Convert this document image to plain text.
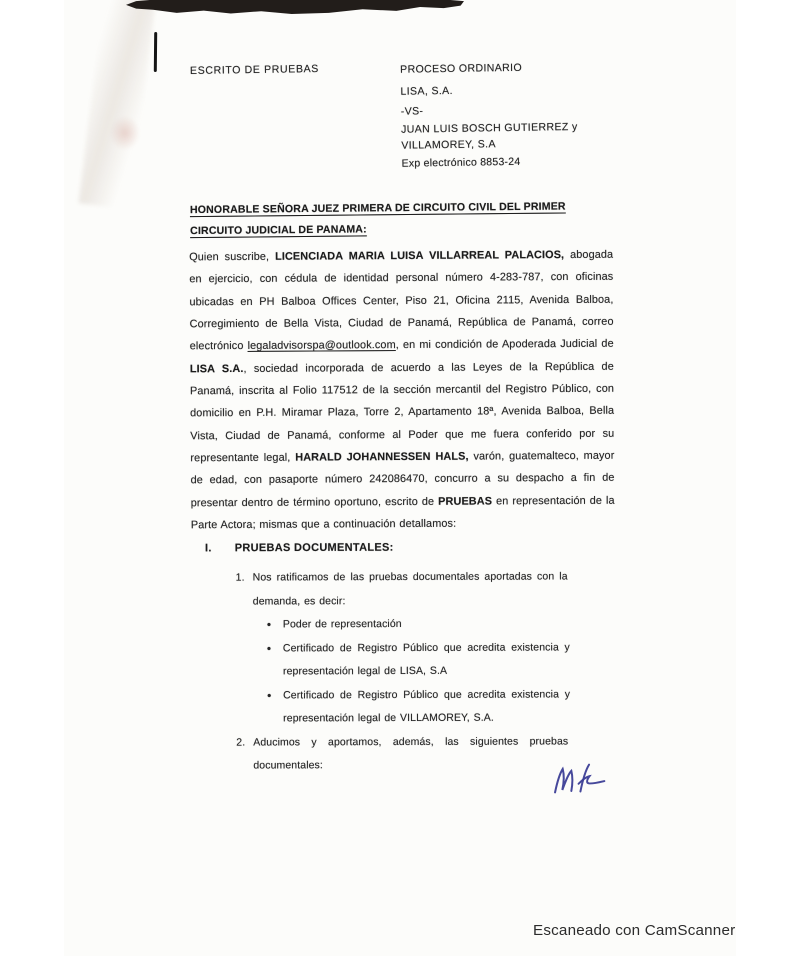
ESCRITO DE PRUEBAS	PROCESO ORDINARIO
LISA, S.A.
-VS-
JUAN LUIS BOSCH GUTIERREZ y
VILLAMOREY, S.A
Exp electrónico 8853-24
HONORABLE SEÑORA JUEZ PRIMERA DE CIRCUITO CIVIL DEL PRIMER
CIRCUITO JUDICIAL DE PANAMA:

Quien suscribe, LICENCIADA MARIA LUISA VILLARREAL PALACIOS, abogada en ejercicio, con cédula de identidad personal número 4-283-787, con oficinas ubicadas en PH Balboa Offices Center, Piso 21, Oficina 2115, Avenida Balboa, Corregimiento de Bella Vista, Ciudad de Panamá, República de Panamá, correo electrónico legaladvisorspa@outlook.com, en mi condición de Apoderada Judicial de LISA S.A., sociedad incorporada de acuerdo a las Leyes de la República de Panamá, inscrita al Folio 117512 de la sección mercantil del Registro Público, con domicilio en P.H. Miramar Plaza, Torre 2, Apartamento 18ª, Avenida Balboa, Bella Vista, Ciudad de Panamá, conforme al Poder que me fuera conferido por su representante legal, HARALD JOHANNESSEN HALS, varón, guatemalteco, mayor de edad, con pasaporte número 242086470, concurro a su despacho a fin de presentar dentro de término oportuno, escrito de PRUEBAS en representación de la Parte Actora; mismas que a continuación detallamos:

I. PRUEBAS DOCUMENTALES:
1. Nos ratificamos de las pruebas documentales aportadas con la demanda, es decir:
•	Poder de representación
•	Certificado de Registro Público que acredita existencia y representación legal de LISA, S.A
•	Certificado de Registro Público que acredita existencia y representación legal de VILLAMOREY, S.A.
2. Aducimos y aportamos, además, las siguientes pruebas documentales:
Escaneado con CamScanner
